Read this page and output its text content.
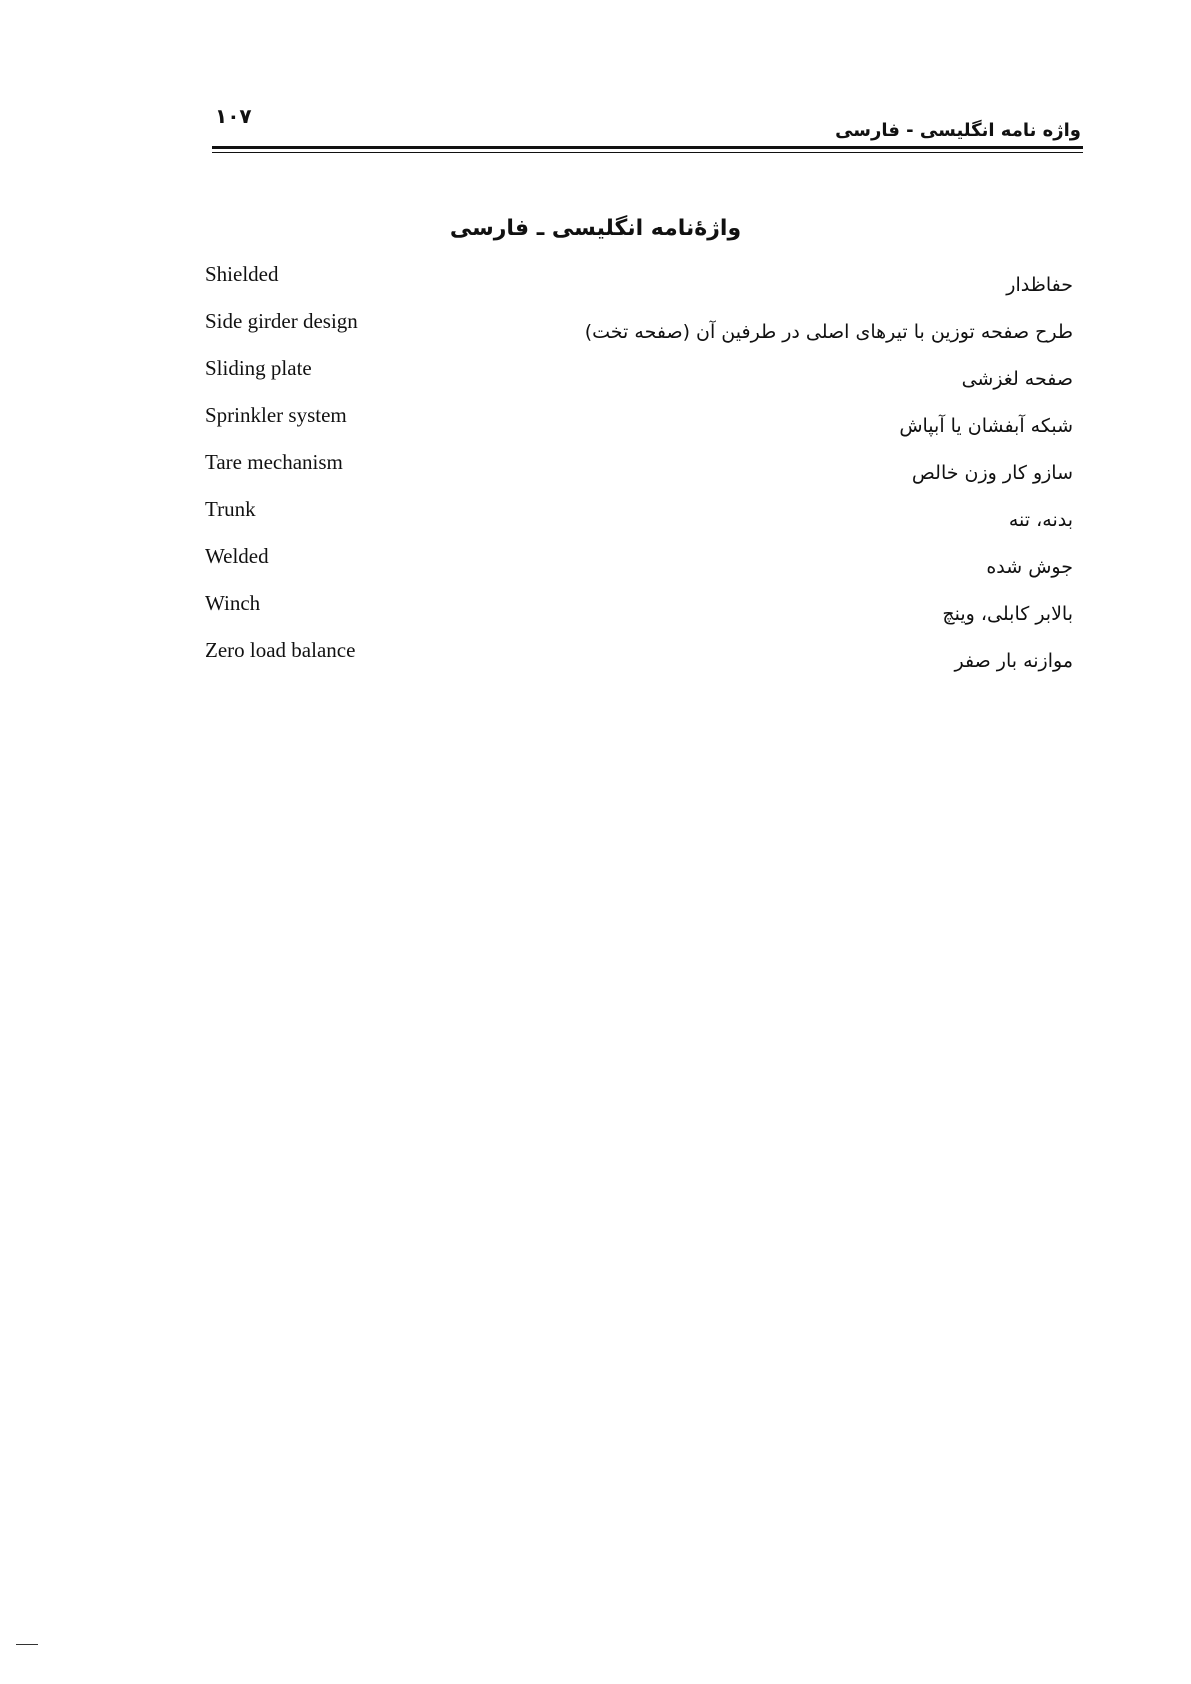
۱۰۷
واژه نامه انگلیسی - فارسی
واژۀنامه انگلیسی ـ فارسی
Shielded	حفاظدار
Side girder design	طرح صفحه توزین با تیرهای اصلی در طرفین آن (صفحه تخت)
Sliding plate	صفحه لغزشی
Sprinkler system	شبکه آبفشان یا آبپاش
Tare mechanism	سازو کار وزن خالص
Trunk	بدنه، تنه
Welded	جوش شده
Winch	بالابر کابلی، وینچ
Zero load balance	موازنه بار صفر
